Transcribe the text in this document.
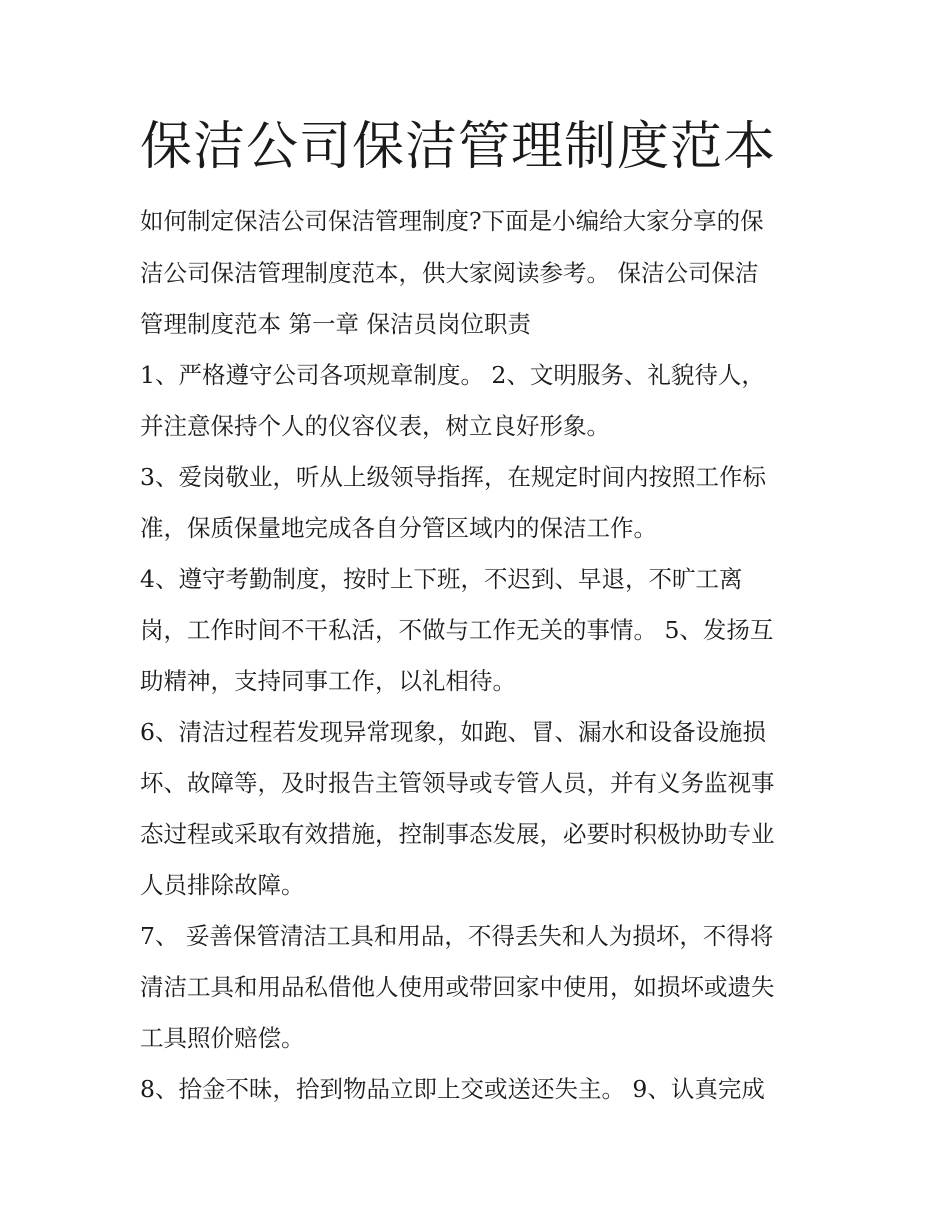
保洁公司保洁管理制度范本

如何制定保洁公司保洁管理制度?下面是小编给大家分享的保

洁公司保洁管理制度范本，供大家阅读参考。 保洁公司保洁

管理制度范本 第一章 保洁员岗位职责

1、严格遵守公司各项规章制度。 2、文明服务、礼貌待人，

并注意保持个人的仪容仪表，树立良好形象。

3、爱岗敬业，听从上级领导指挥，在规定时间内按照工作标

准，保质保量地完成各自分管区域内的保洁工作。

4、遵守考勤制度，按时上下班，不迟到、早退，不旷工离

岗，工作时间不干私活，不做与工作无关的事情。 5、发扬互

助精神，支持同事工作，以礼相待。

6、清洁过程若发现异常现象，如跑、冒、漏水和设备设施损

坏、故障等，及时报告主管领导或专管人员，并有义务监视事

态过程或采取有效措施，控制事态发展，必要时积极协助专业

人员排除故障。

7、 妥善保管清洁工具和用品，不得丢失和人为损坏，不得将

清洁工具和用品私借他人使用或带回家中使用，如损坏或遗失

工具照价赔偿。

8、拾金不昧，拾到物品立即上交或送还失主。 9、认真完成
